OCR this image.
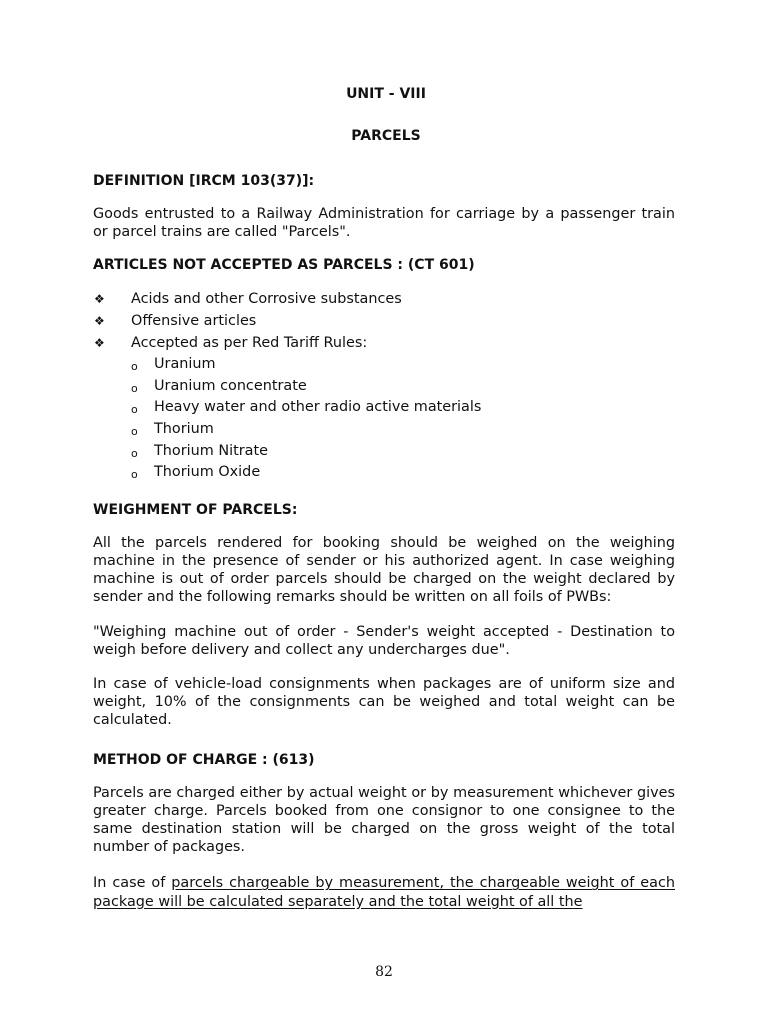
UNIT - VIII
PARCELS
DEFINITION [IRCM 103(37)]:

Goods entrusted to a Railway Administration for carriage by a passenger train or parcel trains are called "Parcels".

ARTICLES NOT ACCEPTED AS PARCELS : (CT 601)
❖ Acids and other Corrosive substances
❖ Offensive articles
❖ Accepted as per Red Tariff Rules:
o Uranium
o Uranium concentrate
o Heavy water and other radio active materials
o Thorium
o Thorium Nitrate
o Thorium Oxide
WEIGHMENT OF PARCELS:

All the parcels rendered for booking should be weighed on the weighing machine in the presence of sender or his authorized agent. In case weighing machine is out of order parcels should be charged on the weight declared by sender and the following remarks should be written on all foils of PWBs:

"Weighing machine out of order - Sender's weight accepted - Destination to weigh before delivery and collect any undercharges due".

In case of vehicle-load consignments when packages are of uniform size and weight, 10% of the consignments can be weighed and total weight can be calculated.

METHOD OF CHARGE : (613)

Parcels are charged either by actual weight or by measurement whichever gives greater charge. Parcels booked from one consignor to one consignee to the same destination station will be charged on the gross weight of the total number of packages.

In case of parcels chargeable by measurement, the chargeable weight of each package will be calculated separately and the total weight of all the

82
